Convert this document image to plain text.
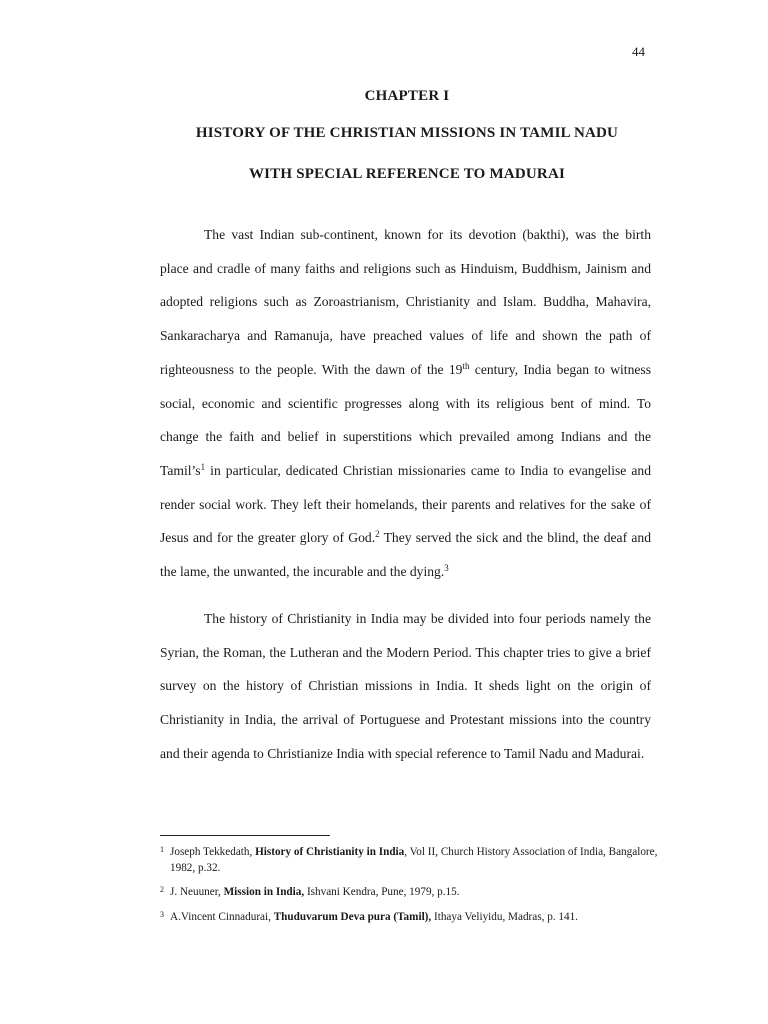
44
CHAPTER I
HISTORY OF THE CHRISTIAN MISSIONS IN TAMIL NADU
WITH SPECIAL REFERENCE TO MADURAI

The vast Indian sub-continent, known for its devotion (bakthi), was the birth place and cradle of many faiths and religions such as Hinduism, Buddhism, Jainism and adopted religions such as Zoroastrianism, Christianity and Islam. Buddha, Mahavira, Sankaracharya and Ramanuja, have preached values of life and shown the path of righteousness to the people. With the dawn of the 19th century, India began to witness social, economic and scientific progresses along with its religious bent of mind. To change the faith and belief in superstitions which prevailed among Indians and the $Tamil’s^1$ in particular, dedicated Christian missionaries came to India to evangelise and render social work. They left their homelands, their parents and relatives for the sake of Jesus and for the greater glory of God.$^2$ They served the sick and the blind, the deaf and the lame, the unwanted, the incurable and the dying.$^3$

The history of Christianity in India may be divided into four periods namely the Syrian, the Roman, the Lutheran and the Modern Period. This chapter tries to give a brief survey on the history of Christian missions in India. It sheds light on the origin of Christianity in India, the arrival of Portuguese and Protestant missions into the country and their agenda to Christianize India with special reference to Tamil Nadu and Madurai.

1 Joseph Tekkedath, History of Christianity in India, Vol II, Church History Association of India, Bangalore, 1982, p.32.

2 J. Neuuner, Mission in India, Ishvani Kendra, Pune, 1979, p.15.

3 A.Vincent Cinnadurai, Thuduvarum Deva pura (Tamil), Ithaya Veliyidu, Madras, p. 141.
